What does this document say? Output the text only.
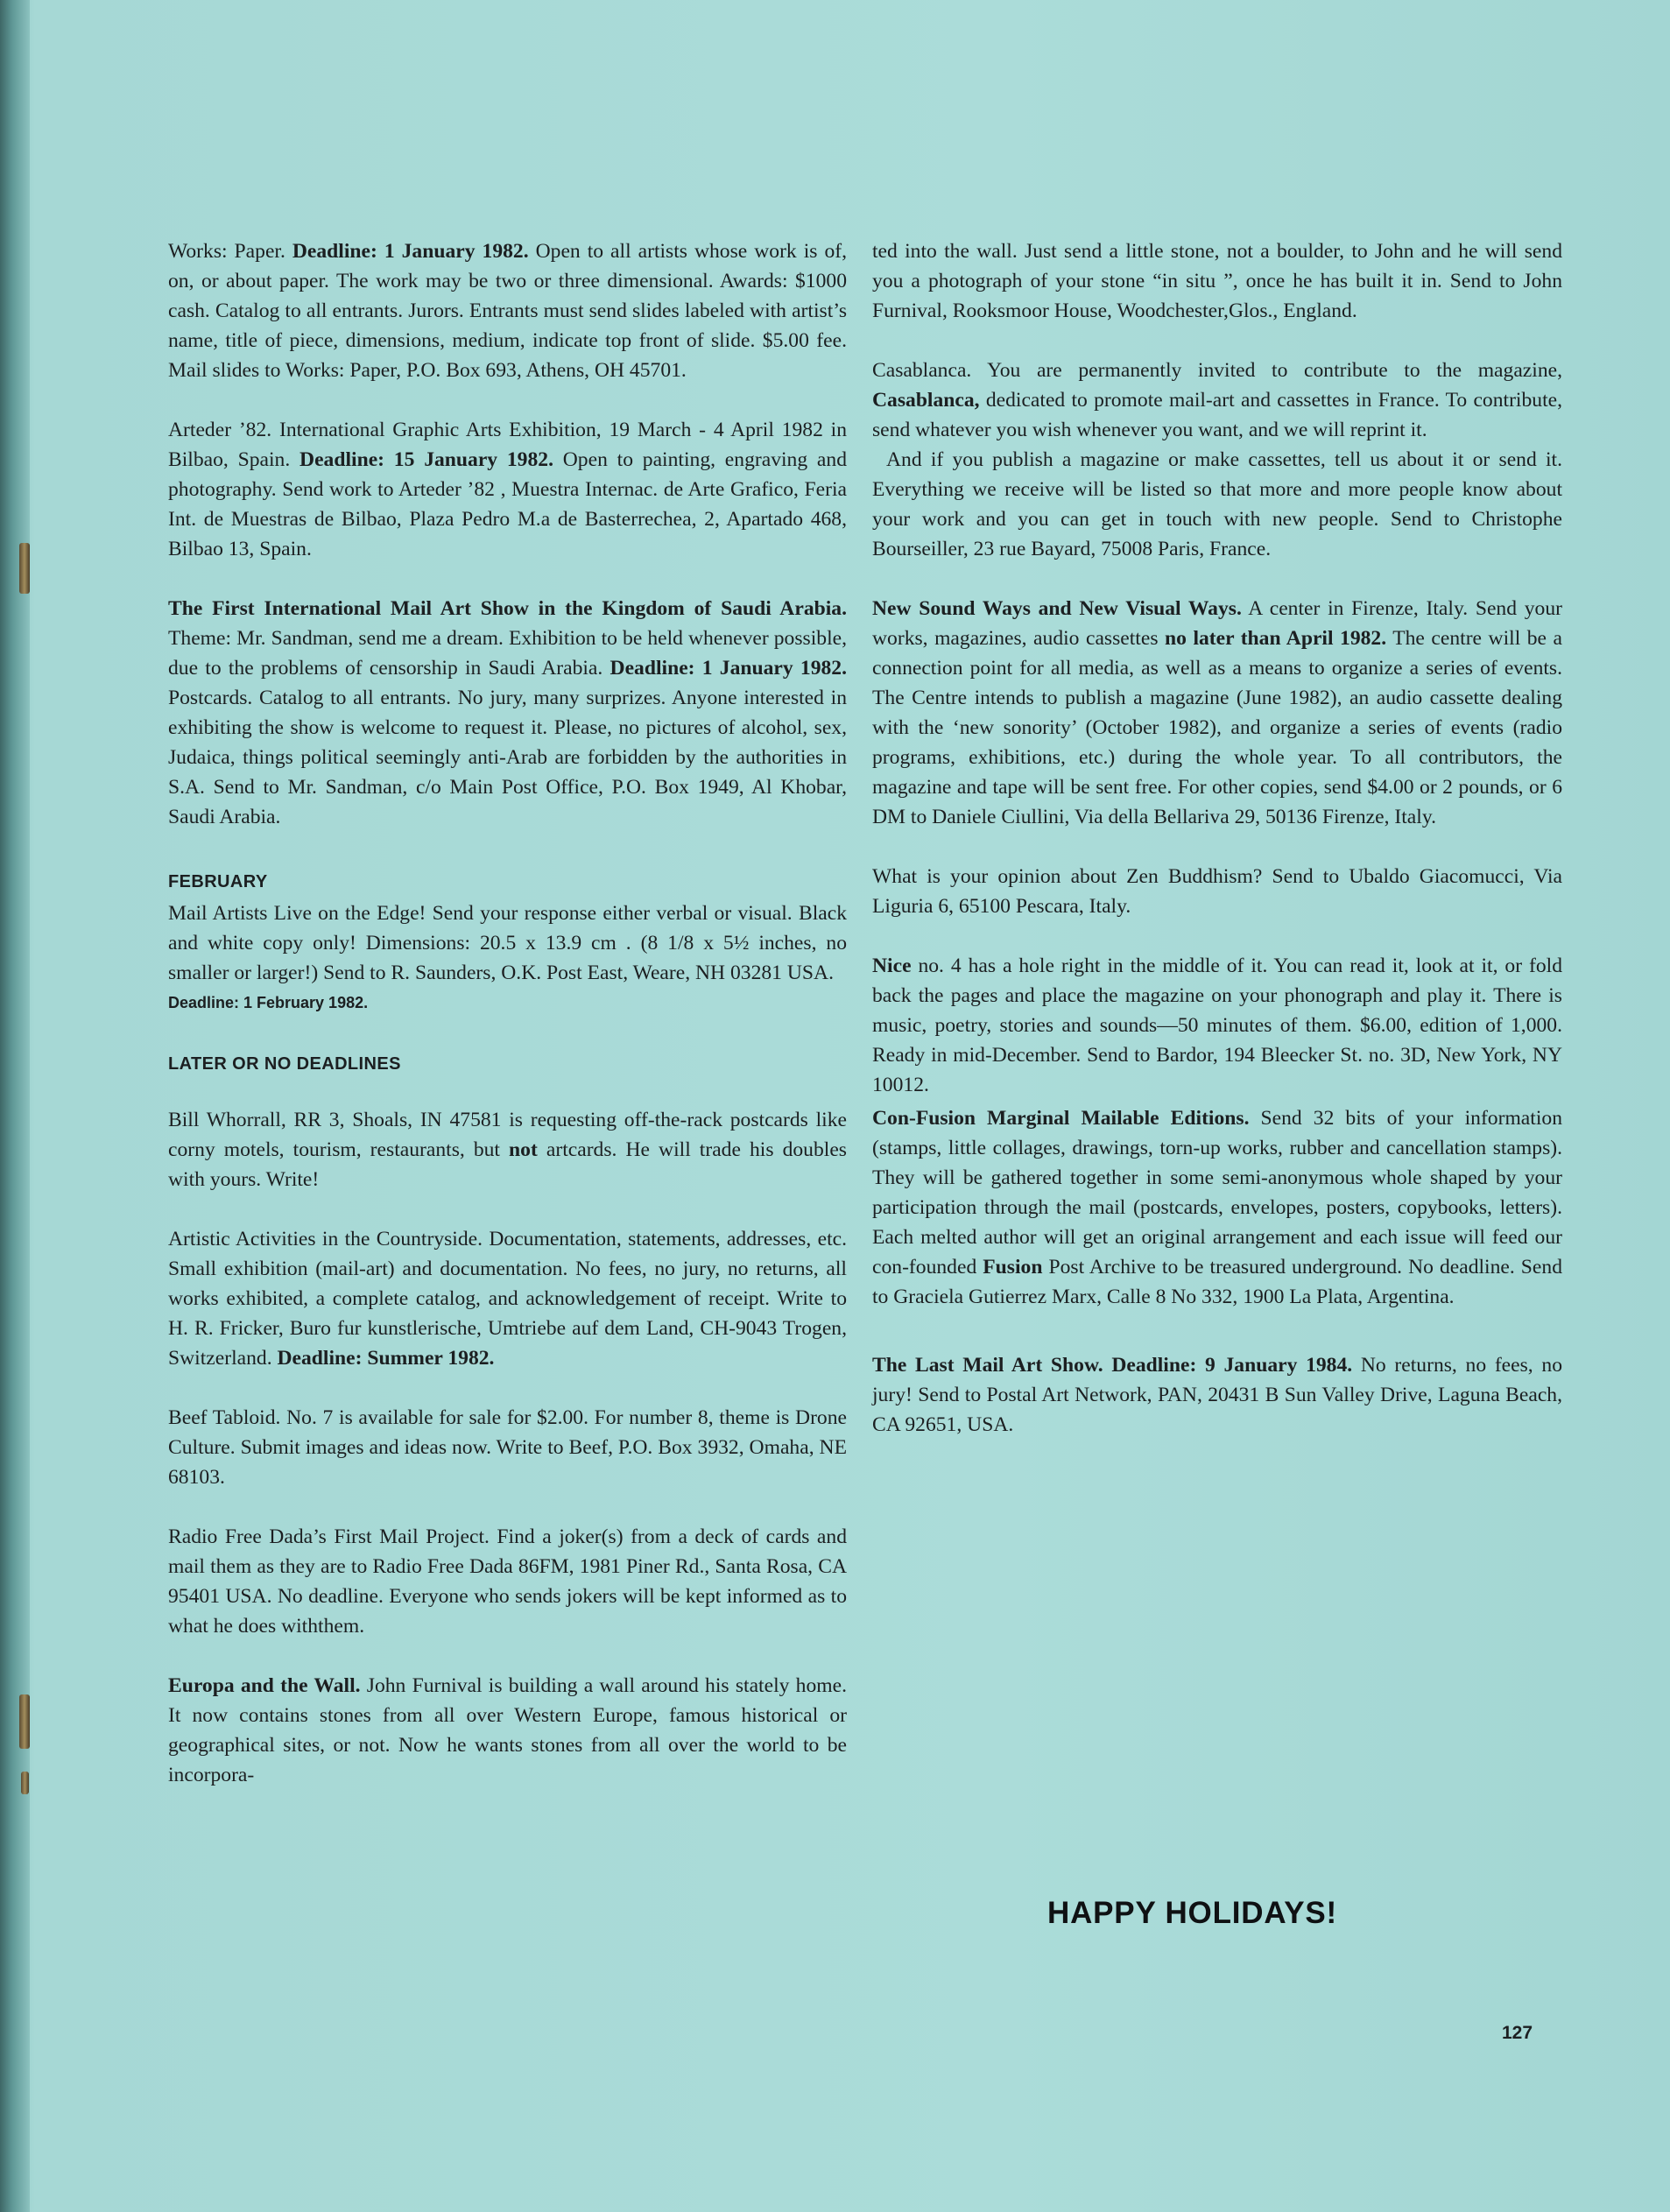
Works: Paper. Deadline: 1 January 1982. Open to all artists whose work is of, on, or about paper. The work may be two or three dimensional. Awards: $1000 cash. Catalog to all entrants. Jurors. Entrants must send slides labeled with artist’s name, title of piece, dimensions, medium, indicate top front of slide. $5.00 fee. Mail slides to Works: Paper, P.O. Box 693, Athens, OH 45701.
Arteder ’82. International Graphic Arts Exhibition, 19 March - 4 April 1982 in Bilbao, Spain. Deadline: 15 January 1982. Open to painting, engraving and photography. Send work to Arteder ’82 , Muestra Internac. de Arte Grafico, Feria Int. de Muestras de Bilbao, Plaza Pedro M.a de Basterrechea, 2, Apartado 468, Bilbao 13, Spain.
The First International Mail Art Show in the Kingdom of Saudi Arabia. Theme: Mr. Sandman, send me a dream. Exhibition to be held whenever possible, due to the problems of censorship in Saudi Arabia. Deadline: 1 January 1982. Postcards. Catalog to all entrants. No jury, many surprizes. Anyone interested in exhibiting the show is welcome to request it. Please, no pictures of alcohol, sex, Judaica, things political seemingly anti-Arab are forbidden by the authorities in S.A. Send to Mr. Sandman, c/o Main Post Office, P.O. Box 1949, Al Khobar, Saudi Arabia.
FEBRUARY
Mail Artists Live on the Edge! Send your response either verbal or visual. Black and white copy only! Dimensions: 20.5 x 13.9 cm . (8 1/8 x 5½ inches, no smaller or larger!) Send to R. Saunders, O.K. Post East, Weare, NH 03281 USA.
Deadline: 1 February 1982.
LATER OR NO DEADLINES
Bill Whorrall, RR 3, Shoals, IN 47581 is requesting off-the-rack postcards like corny motels, tourism, restaurants, but not artcards. He will trade his doubles with yours. Write!
Artistic Activities in the Countryside. Documentation, statements, addresses, etc. Small exhibition (mail-art) and documentation. No fees, no jury, no returns, all works exhibited, a complete catalog, and acknowledgement of receipt. Write to H. R. Fricker, Buro fur kunstlerische, Umtriebe auf dem Land, CH-9043 Trogen, Switzerland. Deadline: Summer 1982.
Beef Tabloid. No. 7 is available for sale for $2.00. For number 8, theme is Drone Culture. Submit images and ideas now. Write to Beef, P.O. Box 3932, Omaha, NE 68103.
Radio Free Dada’s First Mail Project. Find a joker(s) from a deck of cards and mail them as they are to Radio Free Dada 86FM, 1981 Piner Rd., Santa Rosa, CA 95401 USA. No deadline. Everyone who sends jokers will be kept informed as to what he does withthem.
Europa and the Wall. John Furnival is building a wall around his stately home. It now contains stones from all over Western Europe, famous historical or geographical sites, or not. Now he wants stones from all over the world to be incorpora-
ted into the wall. Just send a little stone, not a boulder, to John and he will send you a photograph of your stone “in situ ”, once he has built it in. Send to John Furnival, Rooksmoor House, Woodchester,Glos., England.

Casablanca. You are permanently invited to contribute to the magazine, Casablanca, dedicated to promote mail-art and cassettes in France. To contribute, send whatever you wish whenever you want, and we will reprint it.

And if you publish a magazine or make cassettes, tell us about it or send it. Everything we receive will be listed so that more and more people know about your work and you can get in touch with new people. Send to Christophe Bourseiller, 23 rue Bayard, 75008 Paris, France.

New Sound Ways and New Visual Ways. A center in Firenze, Italy. Send your works, magazines, audio cassettes no later than April 1982. The centre will be a connection point for all media, as well as a means to organize a series of events. The Centre intends to publish a magazine (June 1982), an audio cassette dealing with the ‘new sonority’ (October 1982), and organize a series of events (radio programs, exhibitions, etc.) during the whole year. To all contributors, the magazine and tape will be sent free. For other copies, send $4.00 or 2 pounds, or 6 DM to Daniele Ciullini, Via della Bellariva 29, 50136 Firenze, Italy.
What is your opinion about Zen Buddhism? Send to Ubaldo Giacomucci, Via Liguria 6, 65100 Pescara, Italy.
Nice no. 4 has a hole right in the middle of it. You can read it, look at it, or fold back the pages and place the magazine on your phonograph and play it. There is music, poetry, stories and sounds—50 minutes of them. $6.00, edition of 1,000. Ready in mid-December. Send to Bardor, 194 Bleecker St. no. 3D, New York, NY 10012.
Con-Fusion Marginal Mailable Editions. Send 32 bits of your information (stamps, little collages, drawings, torn-up works, rubber and cancellation stamps). They will be gathered together in some semi-anonymous whole shaped by your participation through the mail (postcards, envelopes, posters, copybooks, letters). Each melted author will get an original arrangement and each issue will feed our con-founded Fusion Post Archive to be treasured underground. No deadline. Send to Graciela Gutierrez Marx, Calle 8 No 332, 1900 La Plata, Argentina.
The Last Mail Art Show. Deadline: 9 January 1984. No returns, no fees, no jury! Send to Postal Art Network, PAN, 20431 B Sun Valley Drive, Laguna Beach, CA 92651, USA.

HAPPY HOLIDAYS!

127
